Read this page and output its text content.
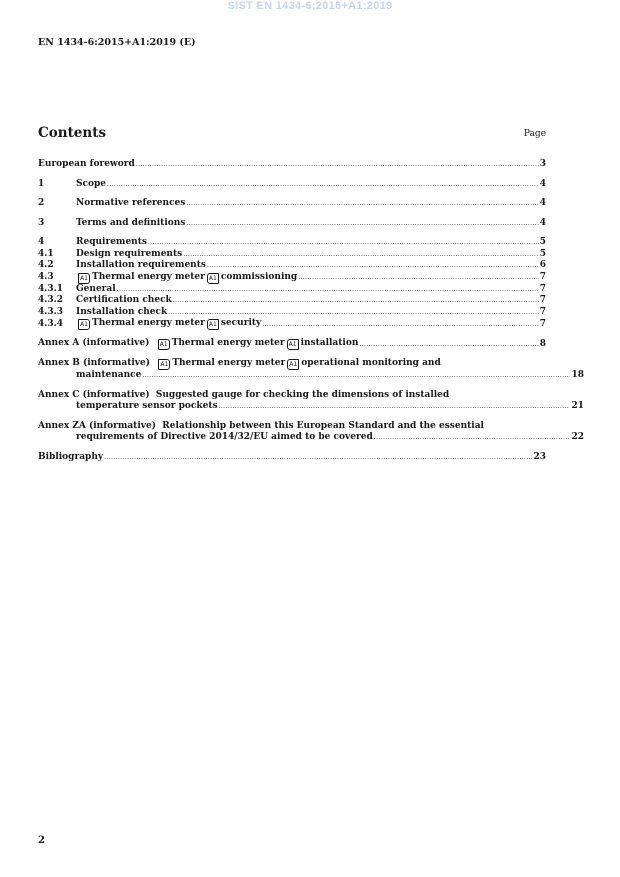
SIST EN 1434-6:2016+A1:2019
EN 1434-6:2015+A1:2019 (E)
Contents	Page
European foreword .....	3
1	Scope .....	4
2	Normative references .....	4
3	Terms and definitions .....	4
4	Requirements .....	5
4.1	Design requirements .....	5
4.2	Installation requirements .....	6
4.3	A1 Thermal energy meter A1 commissioning .....	7
4.3.1	General .....	7
4.3.2	Certification check .....	7
4.3.3	Installation check .....	7
4.3.4	A1 Thermal energy meter A1 security .....	7
Annex A (informative) A1 Thermal energy meter A1 installation .....	8
Annex B (informative) A1 Thermal energy meter A1 operational monitoring and
maintenance .....	18
Annex C (informative) Suggested gauge for checking the dimensions of installed
temperature sensor pockets .....	21
Annex ZA (informative) Relationship between this European Standard and the essential
requirements of Directive 2014/32/EU aimed to be covered .....	22
Bibliography .....	23
2
